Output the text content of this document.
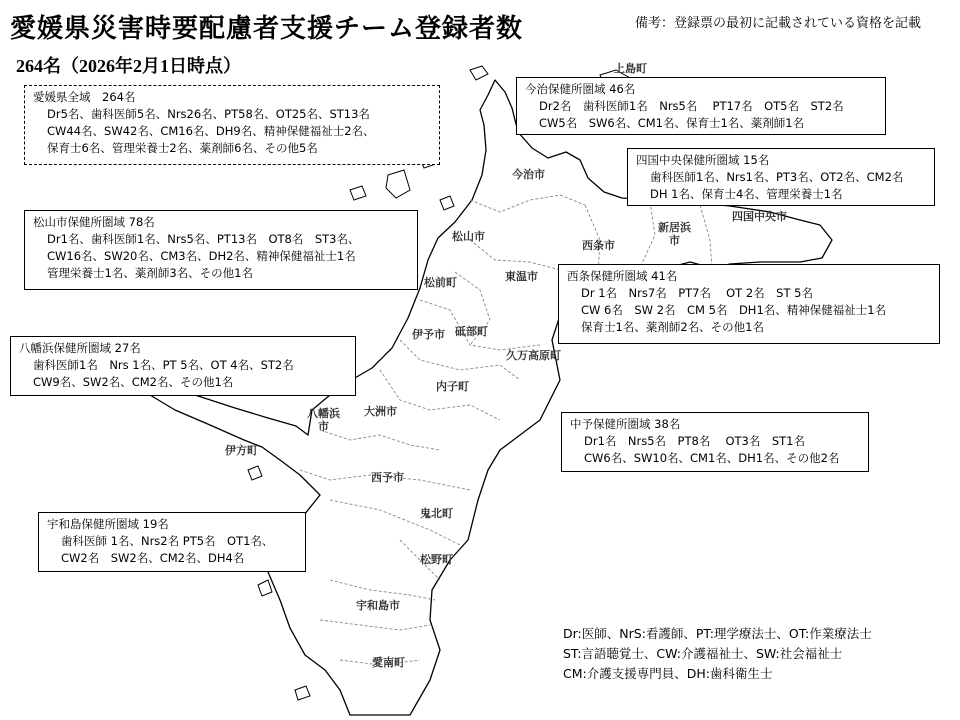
愛媛県災害時要配慮者支援チーム登録者数	備考：登録票の最初に記載されている資格を記載
264名（2026年2月1日時点）	上島町
今治市
松山市
新居浜
市
四国中央市
西条市
東温市
松前町
伊予市 砥部町
久万高原町
内子町
大洲市
八幡浜
市
伊方町
西予市
鬼北町
松野町
宇和島市
愛南町
愛媛県全域　264名
Dr5名、歯科医師5名、Nrs26名、PT58名、OT25名、ST13名
CW44名、SW42名、CM16名、DH9名、精神保健福祉士2名、
保育士6名、管理栄養士2名、薬剤師6名、その他5名
今治保健所圏域 46名
Dr2名　歯科医師1名　Nrs5名　 PT17名　OT5名　ST2名
CW5名　SW6名、CM1名、保育士1名、薬剤師1名
四国中央保健所圏域 15名
歯科医師1名、Nrs1名、PT3名、OT2名、CM2名
DH 1名、保育士4名、管理栄養士1名
松山市保健所圏域 78名
Dr1名、歯科医師1名、Nrs5名、PT13名　OT8名　ST3名、
CW16名、SW20名、CM3名、DH2名、精神保健福祉士1名
管理栄養士1名、薬剤師3名、その他1名	西条保健所圏域 41名
Dr 1名　Nrs7名　PT7名　 OT 2名　ST 5名
CW 6名　SW 2名　CM 5名　DH1名、精神保健福祉士1名
保育士1名、薬剤師2名、その他1名
八幡浜保健所圏域 27名
歯科医師1名　Nrs 1名、PT 5名、OT 4名、ST2名
CW9名、SW2名、CM2名、その他1名
中予保健所圏域 38名
Dr1名　Nrs5名　PT8名　 OT3名　ST1名
CW6名、SW10名、CM1名、DH1名、その他2名
宇和島保健所圏域 19名
歯科医師 1名、Nrs2名 PT5名　OT1名、
CW2名　SW2名、CM2名、DH4名
Dr:医師、NrS:看護師、PT:理学療法士、OT:作業療法士
ST:言語聴覚士、CW:介護福祉士、SW:社会福祉士
CM:介護支援専門員、DH:歯科衛生士
